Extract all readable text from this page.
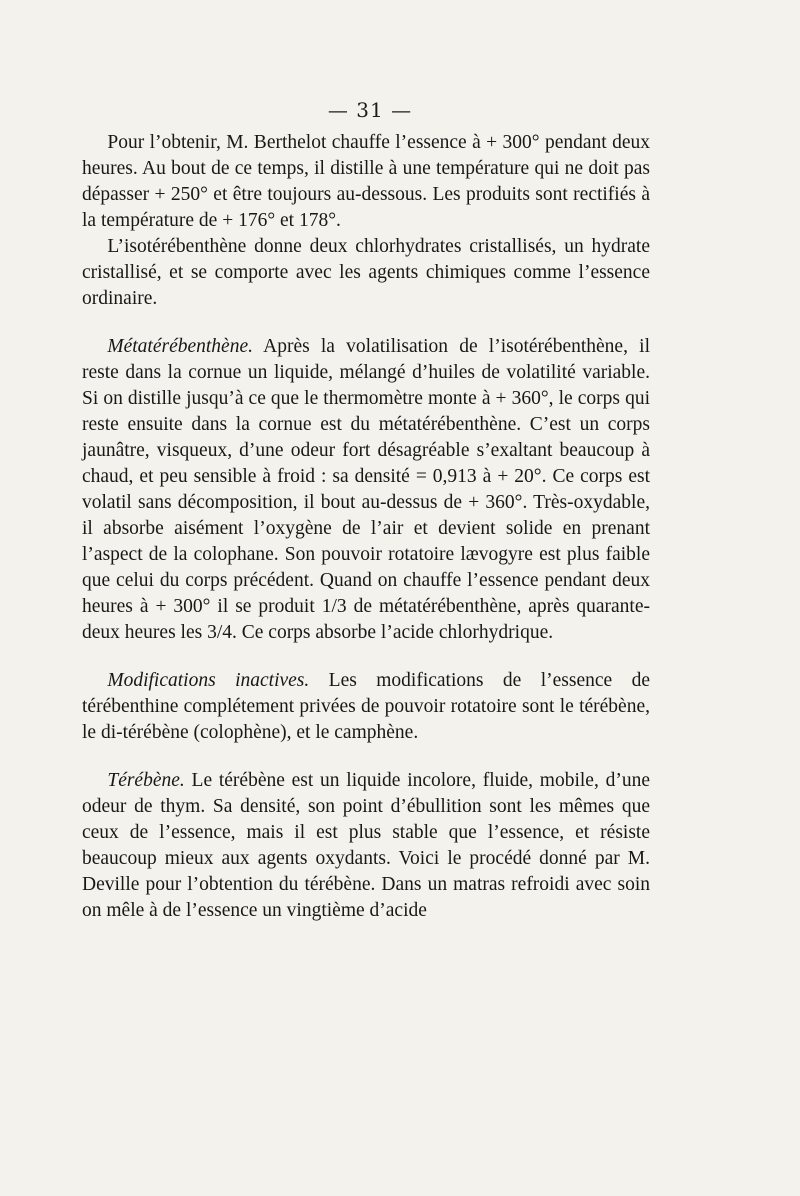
— 31 —

Pour l’obtenir, M. Berthelot chauffe l’essence à + 300° pendant deux heures. Au bout de ce temps, il distille à une température qui ne doit pas dépasser + 250° et être toujours au-dessous. Les produits sont rectifiés à la température de + 176° et 178°.

L’isotérébenthène donne deux chlorhydrates cristallisés, un hydrate cristallisé, et se comporte avec les agents chimiques comme l’essence ordinaire.

Métatérébenthène. Après la volatilisation de l’isotérébenthène, il reste dans la cornue un liquide, mélangé d’huiles de volatilité variable. Si on distille jusqu’à ce que le thermomètre monte à + 360°, le corps qui reste ensuite dans la cornue est du métatérébenthène. C’est un corps jaunâtre, visqueux, d’une odeur fort désagréable s’exaltant beaucoup à chaud, et peu sensible à froid : sa densité = 0,913 à + 20°. Ce corps est volatil sans décomposition, il bout au-dessus de + 360°. Très-oxydable, il absorbe aisément l’oxygène de l’air et devient solide en prenant l’aspect de la colophane. Son pouvoir rotatoire lævogyre est plus faible que celui du corps précédent. Quand on chauffe l’essence pendant deux heures à + 300° il se produit 1/3 de métatérébenthène, après quarante-deux heures les 3/4. Ce corps absorbe l’acide chlorhydrique.

Modifications inactives. Les modifications de l’essence de térébenthine complétement privées de pouvoir rotatoire sont le térébène, le di-térébène (colophène), et le camphène.

Térébène. Le térébène est un liquide incolore, fluide, mobile, d’une odeur de thym. Sa densité, son point d’ébullition sont les mêmes que ceux de l’essence, mais il est plus stable que l’essence, et résiste beaucoup mieux aux agents oxydants. Voici le procédé donné par M. Deville pour l’obtention du térébène. Dans un matras refroidi avec soin on mêle à de l’essence un vingtième d’acide
